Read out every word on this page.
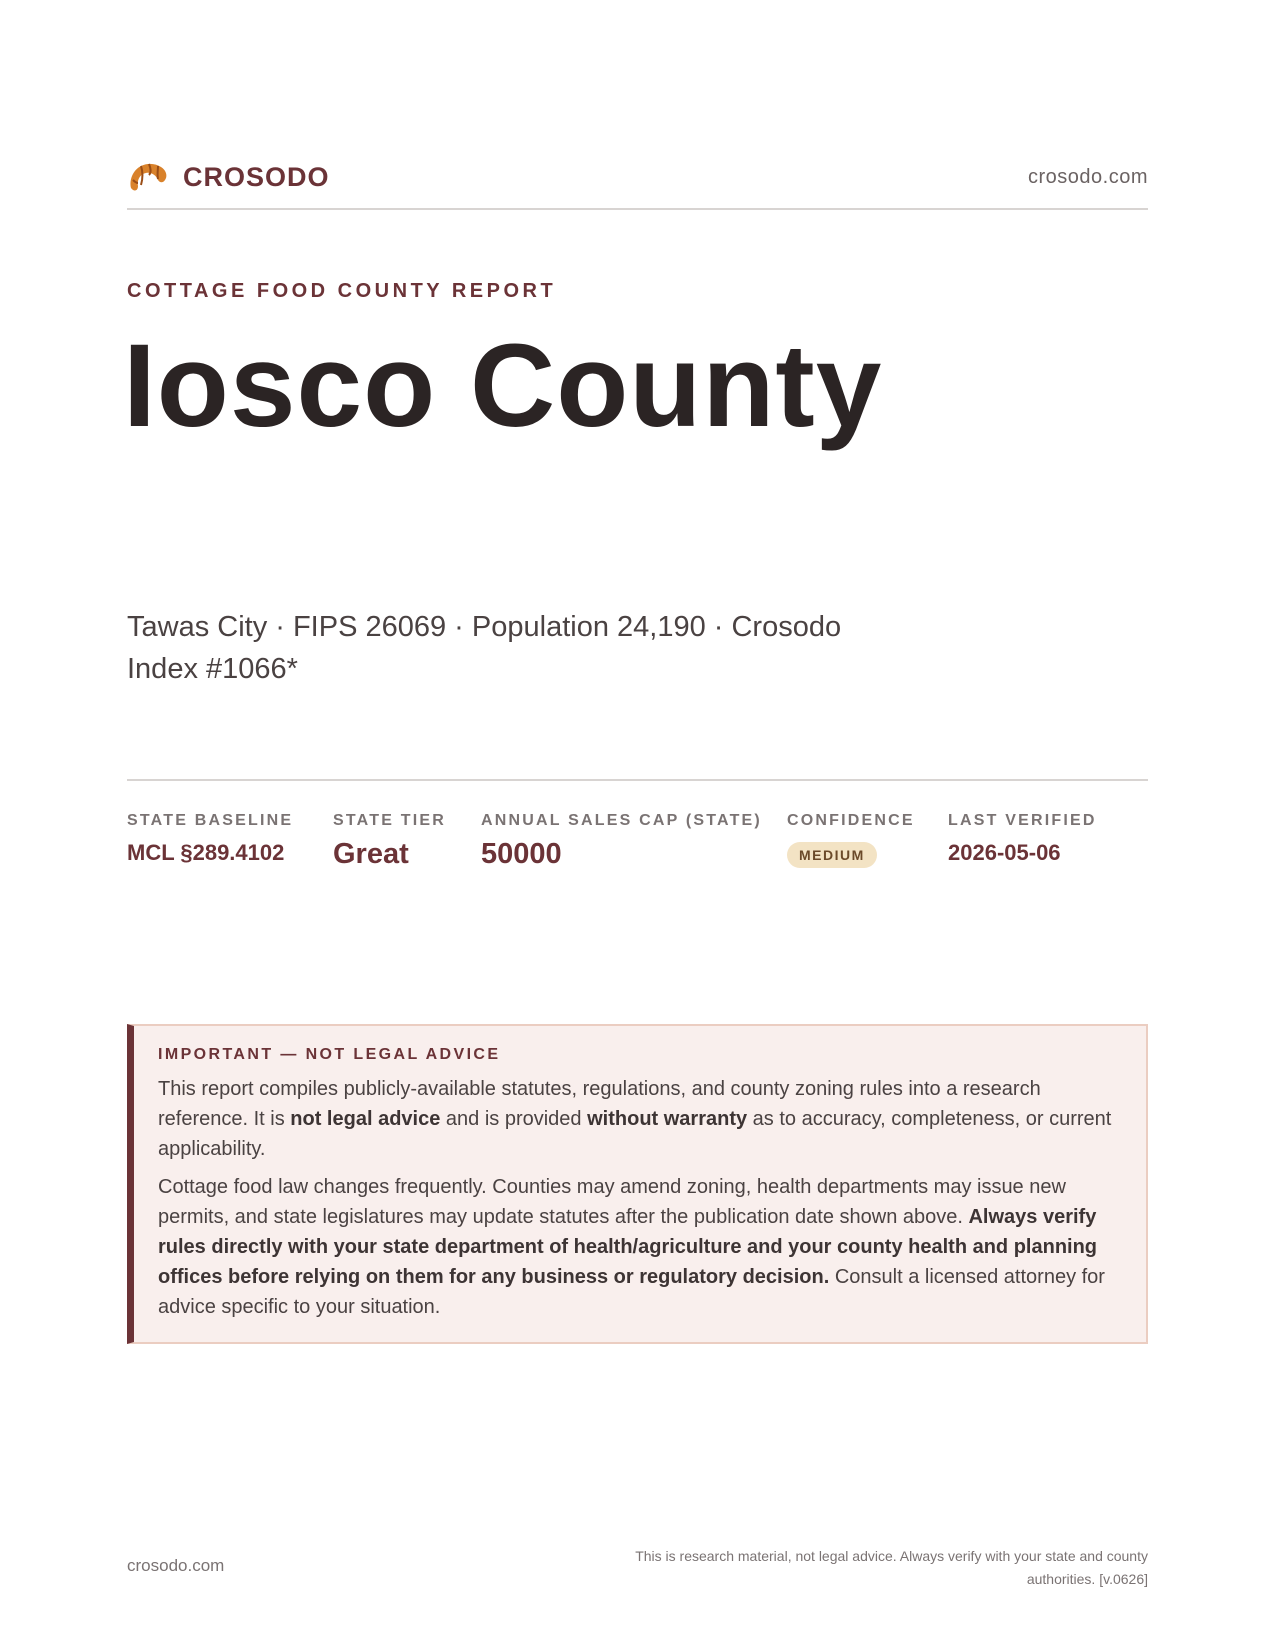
CROSODO	crosodo.com
COTTAGE FOOD COUNTY REPORT
Iosco County
Tawas City · FIPS 26069 · Population 24,190 · Crosodo Index #1066*
STATE BASELINE
MCL §289.4102
STATE TIER
Great
ANNUAL SALES CAP (STATE)
50000
CONFIDENCE
MEDIUM
LAST VERIFIED
2026-05-06
IMPORTANT — NOT LEGAL ADVICE

This report compiles publicly-available statutes, regulations, and county zoning rules into a research reference. It is not legal advice and is provided without warranty as to accuracy, completeness, or current applicability.

Cottage food law changes frequently. Counties may amend zoning, health departments may issue new permits, and state legislatures may update statutes after the publication date shown above. Always verify rules directly with your state department of health/agriculture and your county health and planning offices before relying on them for any business or regulatory decision. Consult a licensed attorney for advice specific to your situation.

crosodo.com	This is research material, not legal advice. Always verify with your state and county authorities. [v.0626]
